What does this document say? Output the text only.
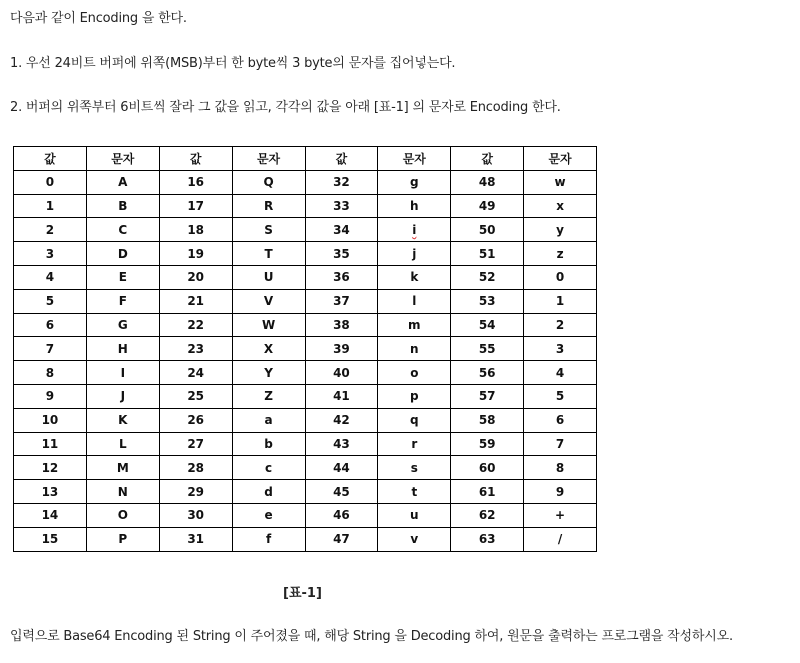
다음과 같이 Encoding 을 한다.
1. 우선 24비트 버퍼에 위쪽(MSB)부터 한 byte씩 3 byte의 문자를 집어넣는다.
2. 버퍼의 위쪽부터 6비트씩 잘라 그 값을 읽고, 각각의 값을 아래 [표-1] 의 문자로 Encoding 한다.
값	문자	값	문자	값	문자	값	문자
0	A	16	Q	32	g	48	w
1	B	17	R	33	h	49	x
2	C	18	S	34	i	50	y
3	D	19	T	35	j	51	z
4	E	20	U	36	k	52	0
5	F	21	V	37	l	53	1
6	G	22	W	38	m	54	2
7	H	23	X	39	n	55	3
8	I	24	Y	40	o	56	4
9	J	25	Z	41	p	57	5
10	K	26	a	42	q	58	6
11	L	27	b	43	r	59	7
12	M	28	c	44	s	60	8
13	N	29	d	45	t	61	9
14	O	30	e	46	u	62	+
15	P	31	f	47	v	63	/
[표-1]
입력으로 Base64 Encoding 된 String 이 주어졌을 때, 해당 String 을 Decoding 하여, 원문을 출력하는 프로그램을 작성하시오.
